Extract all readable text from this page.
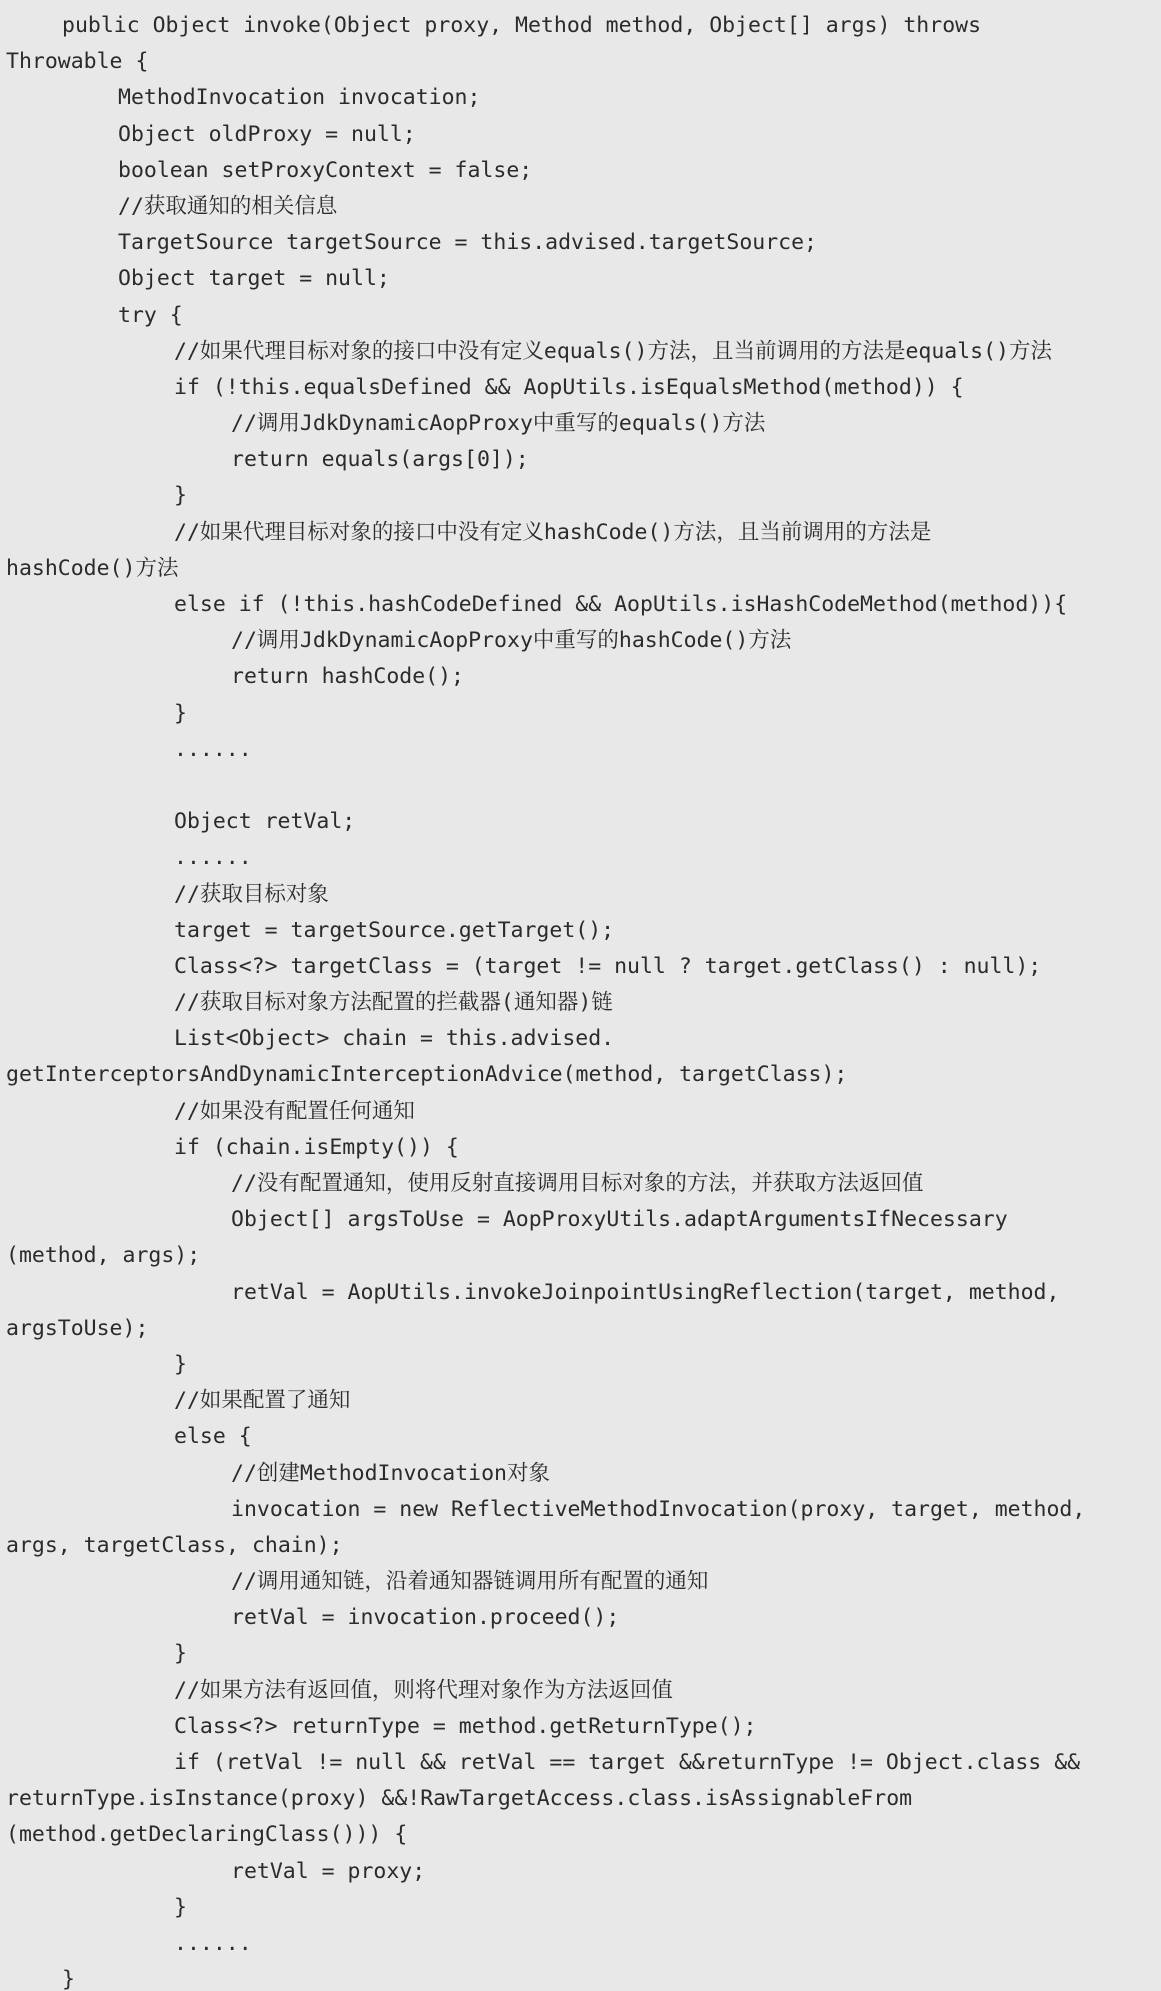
public Object invoke(Object proxy, Method method, Object[] args) throws
Throwable {
MethodInvocation invocation;
Object oldProxy = null;
boolean setProxyContext = false;
//获取通知的相关信息
TargetSource targetSource = this.advised.targetSource;
Object target = null;
try {
//如果代理目标对象的接口中没有定义equals()方法，且当前调用的方法是equals()方法
if (!this.equalsDefined && AopUtils.isEqualsMethod(method)) {
//调用JdkDynamicAopProxy中重写的equals()方法
return equals(args[0]);
}
//如果代理目标对象的接口中没有定义hashCode()方法，且当前调用的方法是
hashCode()方法
else if (!this.hashCodeDefined && AopUtils.isHashCodeMethod(method)){
//调用JdkDynamicAopProxy中重写的hashCode()方法
return hashCode();
}
......
Object retVal;
......
//获取目标对象
target = targetSource.getTarget();
Class<?> targetClass = (target != null ? target.getClass() : null);
//获取目标对象方法配置的拦截器(通知器)链
List<Object> chain = this.advised.
getInterceptorsAndDynamicInterceptionAdvice(method, targetClass);
//如果没有配置任何通知
if (chain.isEmpty()) {
//没有配置通知，使用反射直接调用目标对象的方法，并获取方法返回值
Object[] argsToUse = AopProxyUtils.adaptArgumentsIfNecessary
(method, args);
retVal = AopUtils.invokeJoinpointUsingReflection(target, method,
argsToUse);
}
//如果配置了通知
else {
//创建MethodInvocation对象
invocation = new ReflectiveMethodInvocation(proxy, target, method,
args, targetClass, chain);
//调用通知链，沿着通知器链调用所有配置的通知
retVal = invocation.proceed();
}
//如果方法有返回值，则将代理对象作为方法返回值
Class<?> returnType = method.getReturnType();
if (retVal != null && retVal == target &&returnType != Object.class &&
returnType.isInstance(proxy) &&!RawTargetAccess.class.isAssignableFrom
(method.getDeclaringClass())) {
retVal = proxy;
}
......
}
